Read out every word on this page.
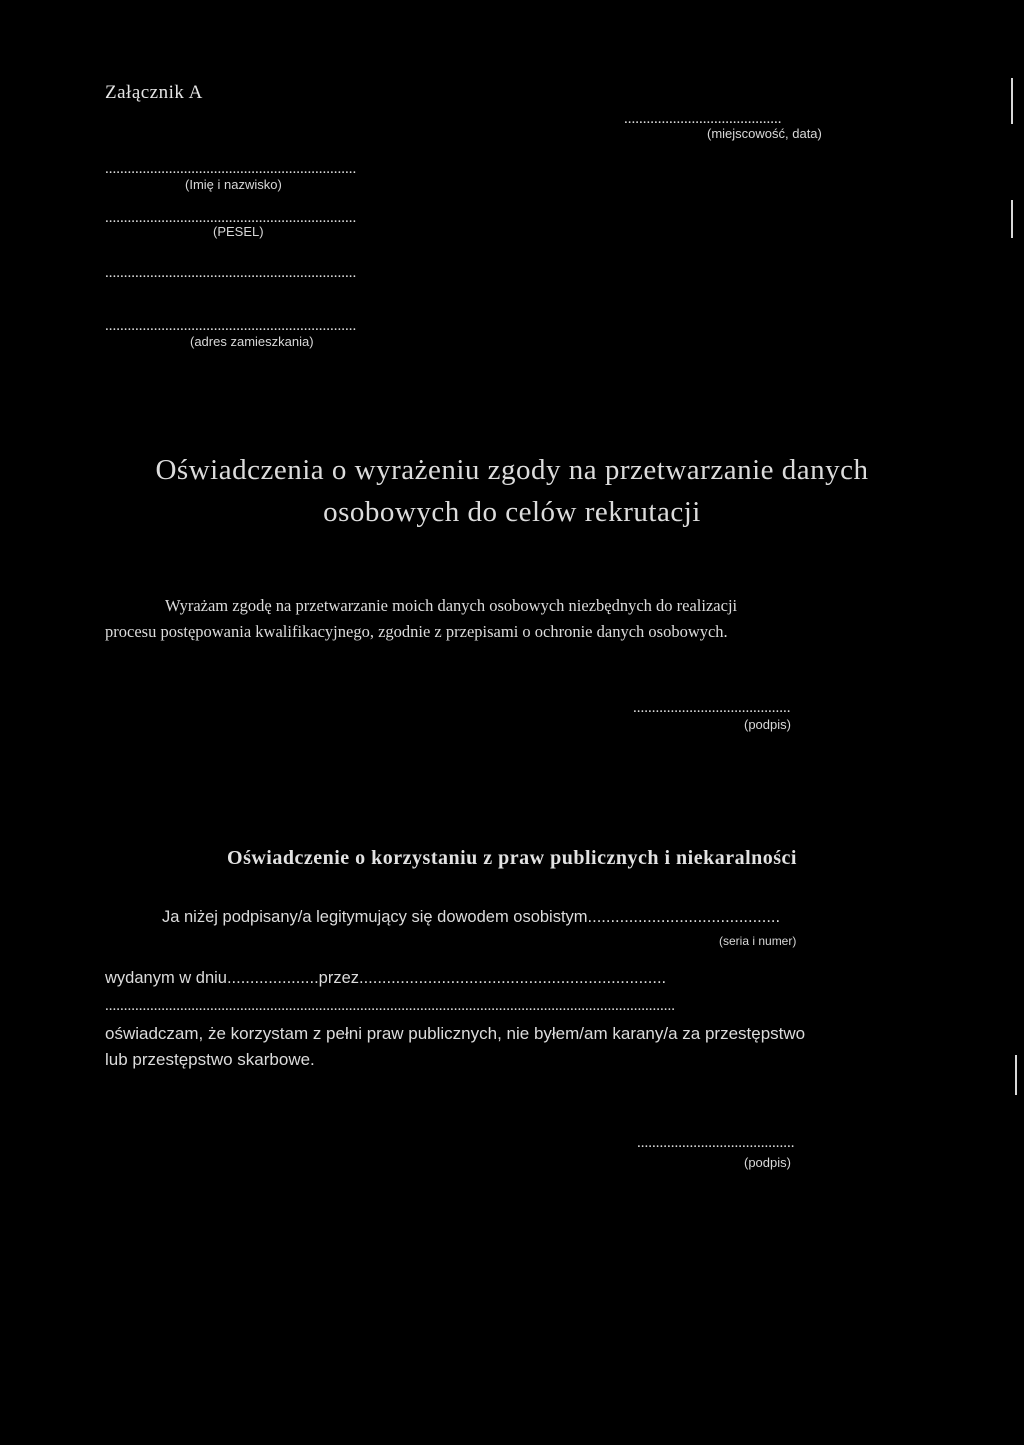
Załącznik A
..........................................
(miejscowość, data)
...................................................................
(Imię i nazwisko)
...................................................................
(PESEL)
...................................................................
...................................................................
(adres zamieszkania)
Oświadczenia o wyrażeniu zgody na przetwarzanie danych
osobowych do celów rekrutacji
Wyrażam zgodę na przetwarzanie moich danych osobowych niezbędnych do realizacji
procesu postępowania kwalifikacyjnego, zgodnie z przepisami o ochronie danych osobowych.
..........................................
(podpis)
Oświadczenie o korzystaniu z praw publicznych i niekaralności
Ja niżej podpisany/a legitymujący się dowodem osobistym..........................................
(seria i numer)
wydanym w dniu....................przez...................................................................
........................................................................................................................................................
oświadczam, że korzystam z pełni praw publicznych, nie byłem/am karany/a za przestępstwo
lub przestępstwo skarbowe.
..........................................
(podpis)
